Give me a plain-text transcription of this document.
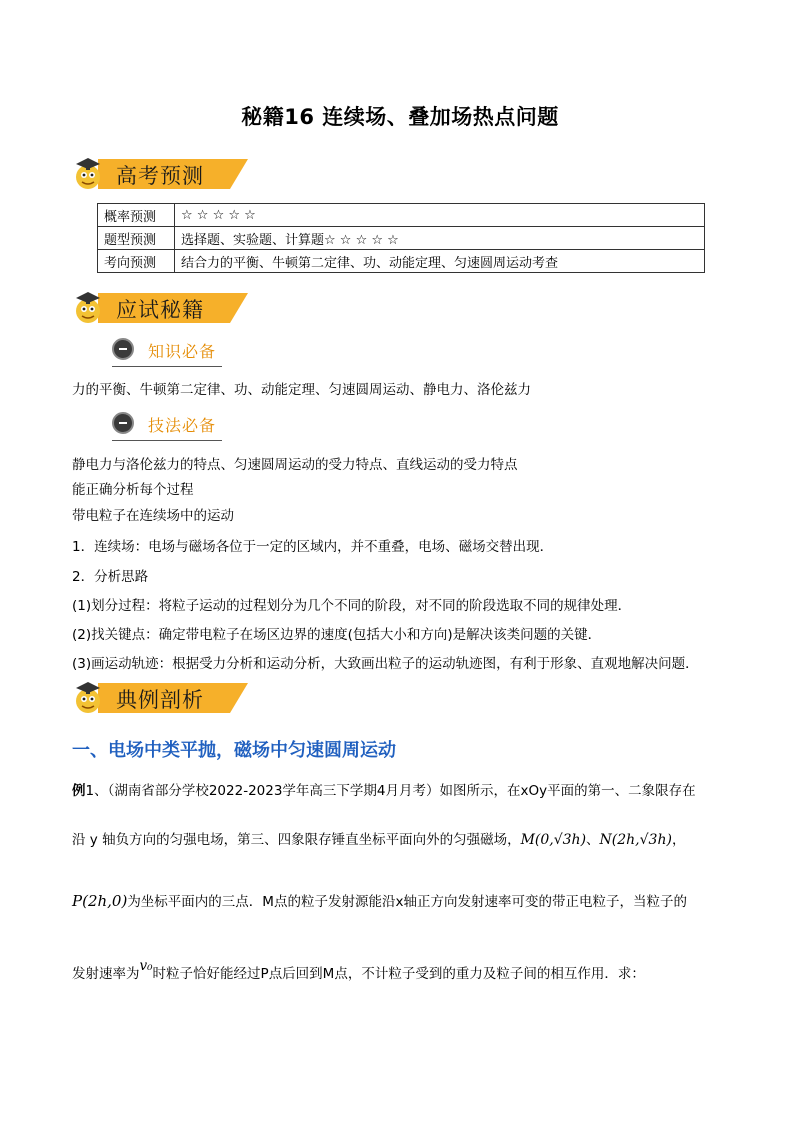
秘籍16 连续场、叠加场热点问题
高考预测
概率预测	☆ ☆ ☆ ☆ ☆
题型预测	选择题、实验题、计算题☆ ☆ ☆ ☆ ☆
考向预测	结合力的平衡、牛顿第二定律、功、动能定理、匀速圆周运动考查
应试秘籍
知识必备
力的平衡、牛顿第二定律、功、动能定理、匀速圆周运动、静电力、洛伦兹力
技法必备
静电力与洛伦兹力的特点、匀速圆周运动的受力特点、直线运动的受力特点
能正确分析每个过程
带电粒子在连续场中的运动
1．连续场：电场与磁场各位于一定的区域内，并不重叠，电场、磁场交替出现．
2．分析思路
(1)划分过程：将粒子运动的过程划分为几个不同的阶段，对不同的阶段选取不同的规律处理．
(2)找关键点：确定带电粒子在场区边界的速度(包括大小和方向)是解决该类问题的关键．
(3)画运动轨迹：根据受力分析和运动分析，大致画出粒子的运动轨迹图，有利于形象、直观地解决问题．
典例剖析
一、电场中类平抛，磁场中匀速圆周运动
例1、（湖南省部分学校2022-2023学年高三下学期4月月考）如图所示，在xOy平面的第一、二象限存在
沿 y 轴负方向的匀强电场，第三、四象限存锤直坐标平面向外的匀强磁场，M(0,√3h)、N(2h,√3h)，
P(2h,0)为坐标平面内的三点．M点的粒子发射源能沿x轴正方向发射速率可变的带正电粒子，当粒子的
发射速率为v₀时粒子恰好能经过P点后回到M点，不计粒子受到的重力及粒子间的相互作用．求：
